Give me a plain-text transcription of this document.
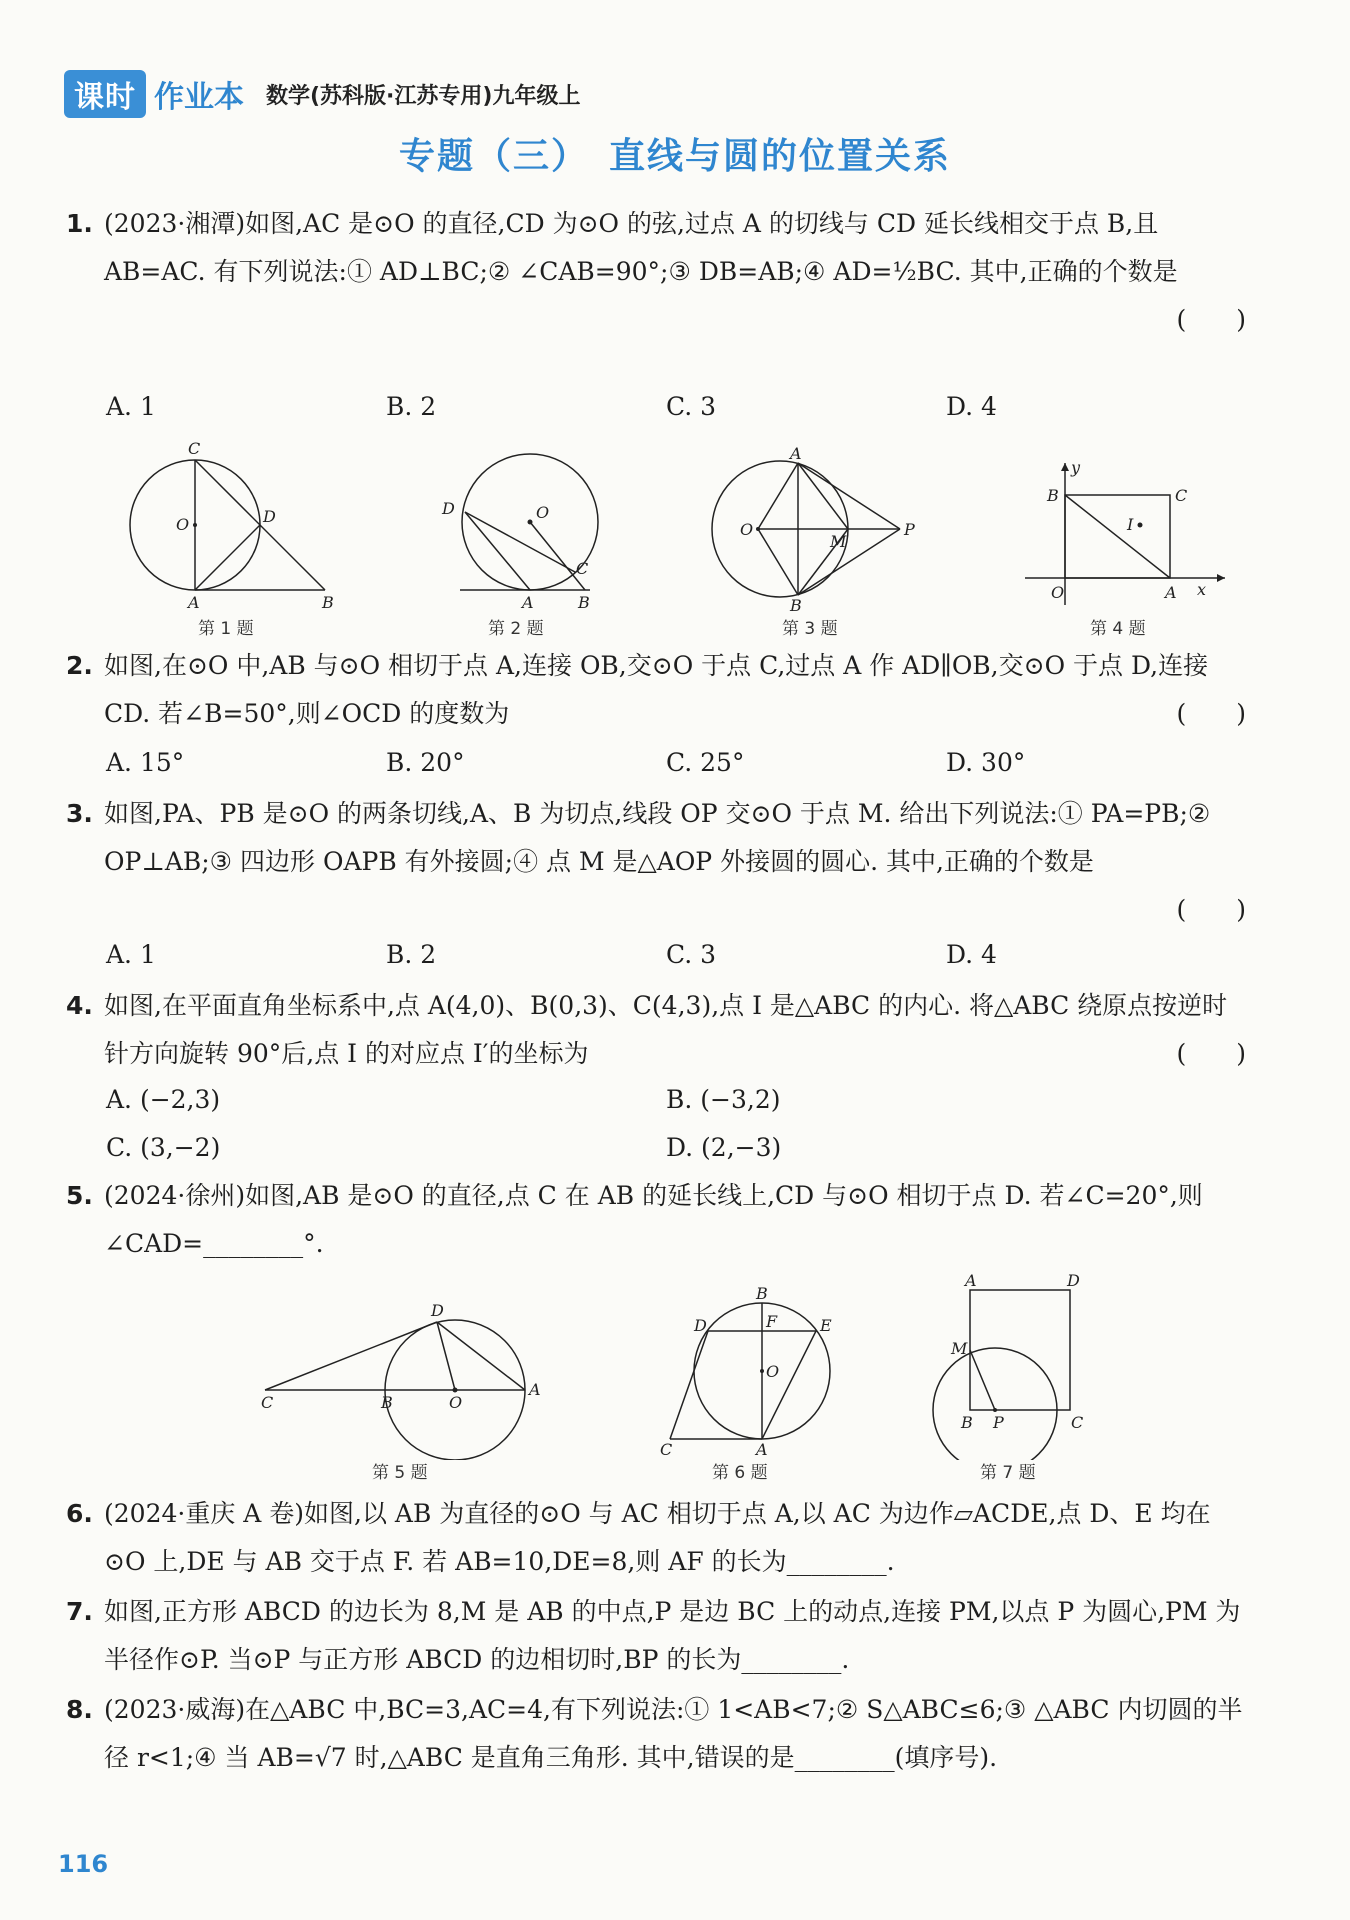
课时 作业本 数学(苏科版·江苏专用)九年级上
专题（三）　直线与圆的位置关系
1. (2023·湘潭)如图,AC 是⊙O 的直径,CD 为⊙O 的弦,过点 A 的切线与 CD 延长线相交于点 B,且 AB=AC. 有下列说法:① AD⊥BC;② ∠CAB=90°;③ DB=AB;④ AD=½BC. 其中,正确的个数是
(　　)
A. 1	B. 2	C. 3	D. 4
C
O	D
A	B
第 1 题
O
D
C
A	B
第 2 题
A
O
M
P
B
第 3 题
y
B	C
I
O	A x
第 4 题
2. 如图,在⊙O 中,AB 与⊙O 相切于点 A,连接 OB,交⊙O 于点 C,过点 A 作 AD∥OB,交⊙O 于点 D,连接 CD. 若∠B=50°,则∠OCD 的度数为	(　　)
A. 15°	B. 20°	C. 25°	D. 30°
3. 如图,PA、PB 是⊙O 的两条切线,A、B 为切点,线段 OP 交⊙O 于点 M. 给出下列说法:① PA=PB;② OP⊥AB;③ 四边形 OAPB 有外接圆;④ 点 M 是△AOP 外接圆的圆心. 其中,正确的个数是
(　　)
A. 1	B. 2	C. 3	D. 4
4. 如图,在平面直角坐标系中,点 A(4,0)、B(0,3)、C(4,3),点 I 是△ABC 的内心. 将△ABC 绕原点按逆时针方向旋转 90°后,点 I 的对应点 I′的坐标为	(　　)
A. (−2,3)	B. (−3,2)
C. (3,−2)	D. (2,−3)
5. (2024·徐州)如图,AB 是⊙O 的直径,点 C 在 AB 的延长线上,CD 与⊙O 相切于点 D. 若∠C=20°,则∠CAD=________°.
D
C	B	O
A
第 5 题
B
D	F	E
O
C	A
第 6 题
A	D
M
B P	C
第 7 题
6. (2024·重庆 A 卷)如图,以 AB 为直径的⊙O 与 AC 相切于点 A,以 AC 为边作▱ACDE,点 D、E 均在⊙O 上,DE 与 AB 交于点 F. 若 AB=10,DE=8,则 AF 的长为________.
7. 如图,正方形 ABCD 的边长为 8,M 是 AB 的中点,P 是边 BC 上的动点,连接 PM,以点 P 为圆心,PM 为半径作⊙P. 当⊙P 与正方形 ABCD 的边相切时,BP 的长为________.
8. (2023·威海)在△ABC 中,BC=3,AC=4,有下列说法:① 1<AB<7;② S△ABC≤6;③ △ABC 内切圆的半径 r<1;④ 当 AB=√7 时,△ABC 是直角三角形. 其中,错误的是________(填序号).
116
